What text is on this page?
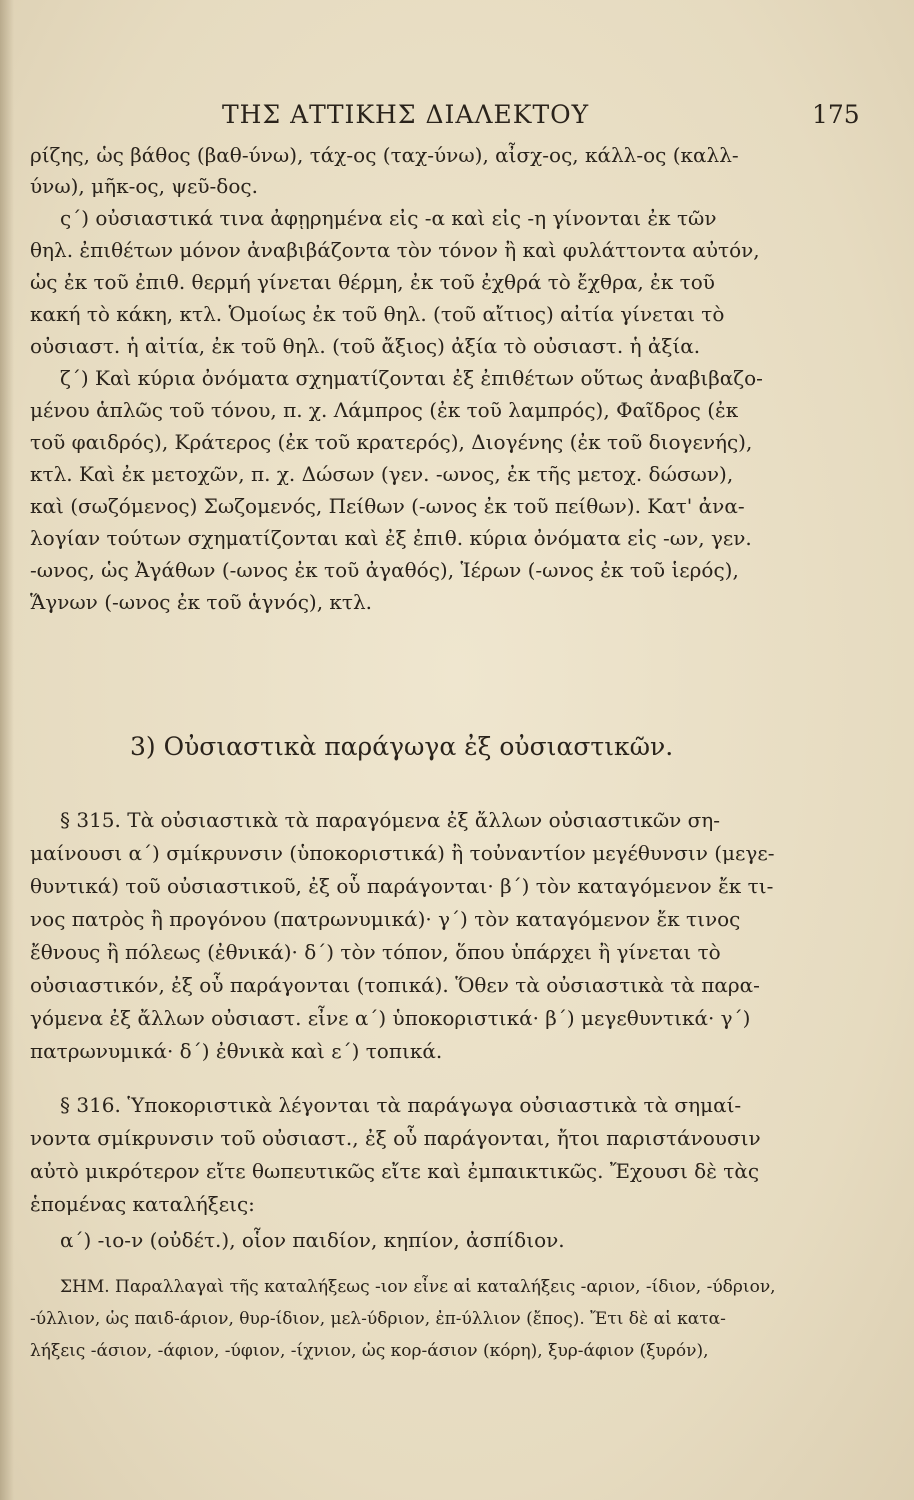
ΤΗΣ ΑΤΤΙΚΗΣ ΔΙΑΛΕΚΤΟΥ	175
ρίζης, ὡς βάθος (βαθ-ύνω), τάχ-ος (ταχ-ύνω), αἶσχ-ος, κάλλ-ος (καλλ-
ύνω), μῆκ-ος, ψεῦ-δος.
ς΄) οὐσιαστικά τινα ἀφῃρημένα εἰς -α καὶ εἰς -η γίνονται ἐκ τῶν
θηλ. ἐπιθέτων μόνον ἀναβιβάζοντα τὸν τόνον ἢ καὶ φυλάττοντα αὐτόν,
ὡς ἐκ τοῦ ἐπιθ. θερμή γίνεται θέρμη, ἐκ τοῦ ἐχθρά τὸ ἔχθρα, ἐκ τοῦ
κακή τὸ κάκη, κτλ. Ὁμοίως ἐκ τοῦ θηλ. (τοῦ αἴτιος) αἰτία γίνεται τὸ
οὐσιαστ. ἡ αἰτία, ἐκ τοῦ θηλ. (τοῦ ἄξιος) ἀξία τὸ οὐσιαστ. ἡ ἀξία.
ζ΄) Καὶ κύρια ὀνόματα σχηματίζονται ἐξ ἐπιθέτων οὕτως ἀναβιβαζο-
μένου ἁπλῶς τοῦ τόνου, π. χ. Λάμπρος (ἐκ τοῦ λαμπρός), Φαῖδρος (ἐκ
τοῦ φαιδρός), Κράτερος (ἐκ τοῦ κρατερός), Διογένης (ἐκ τοῦ διογενής),
κτλ. Καὶ ἐκ μετοχῶν, π. χ. Δώσων (γεν. -ωνος, ἐκ τῆς μετοχ. δώσων),
καὶ (σωζόμενος) Σωζομενός, Πείθων (-ωνος ἐκ τοῦ πείθων). Κατ' ἀνα-
λογίαν τούτων σχηματίζονται καὶ ἐξ ἐπιθ. κύρια ὀνόματα εἰς -ων, γεν.
-ωνος, ὡς Ἀγάθων (-ωνος ἐκ τοῦ ἀγαθός), Ἱέρων (-ωνος ἐκ τοῦ ἱερός),
Ἅγνων (-ωνος ἐκ τοῦ ἁγνός), κτλ.
3) Οὐσιαστικὰ παράγωγα ἐξ οὐσιαστικῶν.
§ 315. Τὰ οὐσιαστικὰ τὰ παραγόμενα ἐξ ἄλλων οὐσιαστικῶν ση-
μαίνουσι α΄) σμίκρυνσιν (ὑποκοριστικά) ἢ τοὐναντίον μεγέθυνσιν (μεγε-
θυντικά) τοῦ οὐσιαστικοῦ, ἐξ οὗ παράγονται· β΄) τὸν καταγόμενον ἔκ τι-
νος πατρὸς ἢ προγόνου (πατρωνυμικά)· γ΄) τὸν καταγόμενον ἔκ τινος
ἔθνους ἢ πόλεως (ἐθνικά)· δ΄) τὸν τόπον, ὅπου ὑπάρχει ἢ γίνεται τὸ
οὐσιαστικόν, ἐξ οὗ παράγονται (τοπικά). Ὅθεν τὰ οὐσιαστικὰ τὰ παρα-
γόμενα ἐξ ἄλλων οὐσιαστ. εἶνε α΄) ὑποκοριστικά· β΄) μεγεθυντικά· γ΄)
πατρωνυμικά· δ΄) ἐθνικὰ καὶ ε΄) τοπικά.
§ 316. Ὑποκοριστικὰ λέγονται τὰ παράγωγα οὐσιαστικὰ τὰ σημαί-
νοντα σμίκρυνσιν τοῦ οὐσιαστ., ἐξ οὗ παράγονται, ἤτοι παριστάνουσιν
αὐτὸ μικρότερον εἴτε θωπευτικῶς εἴτε καὶ ἐμπαικτικῶς. Ἔχουσι δὲ τὰς
ἑπομένας καταλήξεις:
α΄) -ιο-ν (οὐδέτ.), οἷον παιδίον, κηπίον, ἀσπίδιον.
ΣΗΜ. Παραλλαγαὶ τῆς καταλήξεως -ιον εἶνε αἱ καταλήξεις -αριον, -ίδιον, -ύδριον,
-ύλλιον, ὡς παιδ-άριον, θυρ-ίδιον, μελ-ύδριον, ἐπ-ύλλιον (ἔπος). Ἔτι δὲ αἱ κατα-
λήξεις -άσιον, -άφιον, -ύφιον, -ίχνιον, ὡς κορ-άσιον (κόρη), ξυρ-άφιον (ξυρόν),
